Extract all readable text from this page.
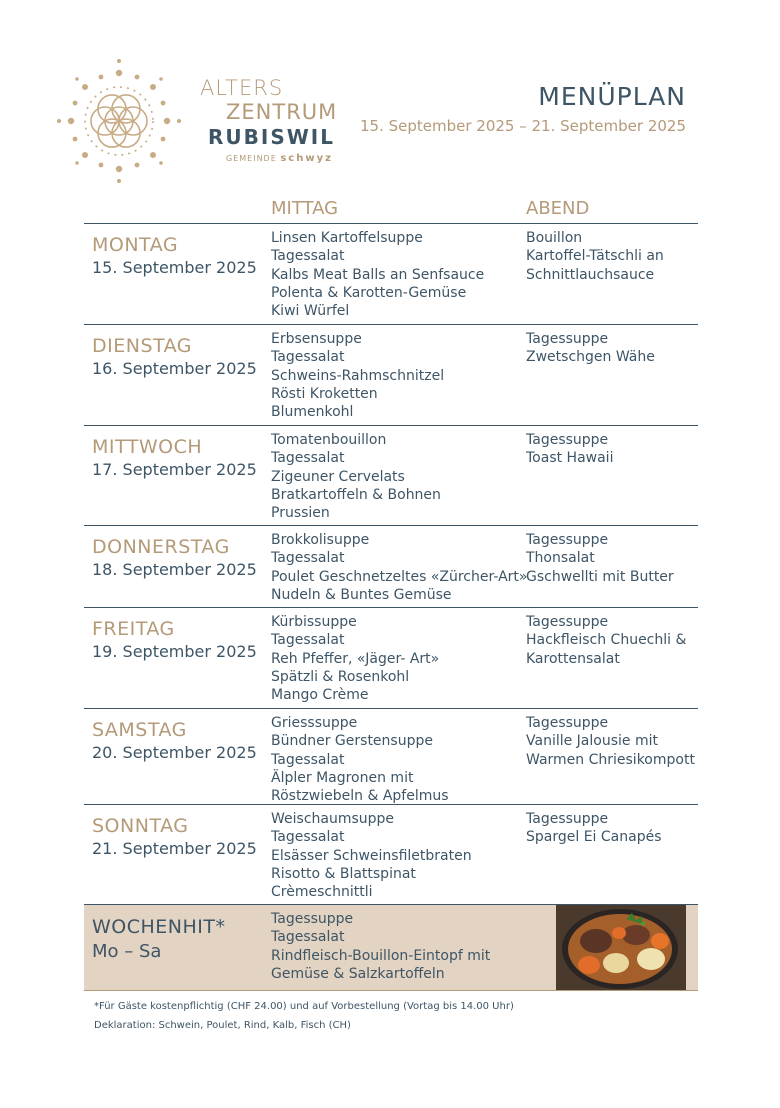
ALTERS
ZENTRUM
RUBISWIL
GEMEINDE schwyz
MENÜPLAN
15. September 2025 – 21. September 2025
MITTAG	ABEND
MONTAG
15. September 2025
Linsen Kartoffelsuppe
Tagessalat
Kalbs Meat Balls an Senfsauce
Polenta & Karotten-Gemüse
Kiwi Würfel
Bouillon
Kartoffel-Tätschli an
Schnittlauchsauce
DIENSTAG
16. September 2025
Erbsensuppe
Tagessalat
Schweins-Rahmschnitzel
Rösti Kroketten
Blumenkohl
Tagessuppe
Zwetschgen Wähe
MITTWOCH
17. September 2025
Tomatenbouillon
Tagessalat
Zigeuner Cervelats
Bratkartoffeln & Bohnen
Prussien
Tagessuppe
Toast Hawaii
DONNERSTAG
18. September 2025
Brokkolisuppe
Tagessalat
Poulet Geschnetzeltes «Zürcher-Art»
Nudeln & Buntes Gemüse
Tagessuppe
Thonsalat
Gschwellti mit Butter
FREITAG
19. September 2025
Kürbissuppe
Tagessalat
Reh Pfeffer, «Jäger- Art»
Spätzli & Rosenkohl
Mango Crème
Tagessuppe
Hackfleisch Chuechli &
Karottensalat
SAMSTAG
20. September 2025
Griesssuppe
Bündner Gerstensuppe
Tagessalat
Älpler Magronen mit
Röstzwiebeln & Apfelmus
Tagessuppe
Vanille Jalousie mit
Warmen Chriesikompott
SONNTAG
21. September 2025
Weischaumsuppe
Tagessalat
Elsässer Schweinsfiletbraten
Risotto & Blattspinat
Crèmeschnittli
Tagessuppe
Spargel Ei Canapés
WOCHENHIT*
Mo – Sa
Tagessuppe
Tagessalat
Rindfleisch-Bouillon-Eintopf mit
Gemüse & Salzkartoffeln
*Für Gäste kostenpflichtig (CHF 24.00) und auf Vorbestellung (Vortag bis 14.00 Uhr)
Deklaration: Schwein, Poulet, Rind, Kalb, Fisch (CH)
